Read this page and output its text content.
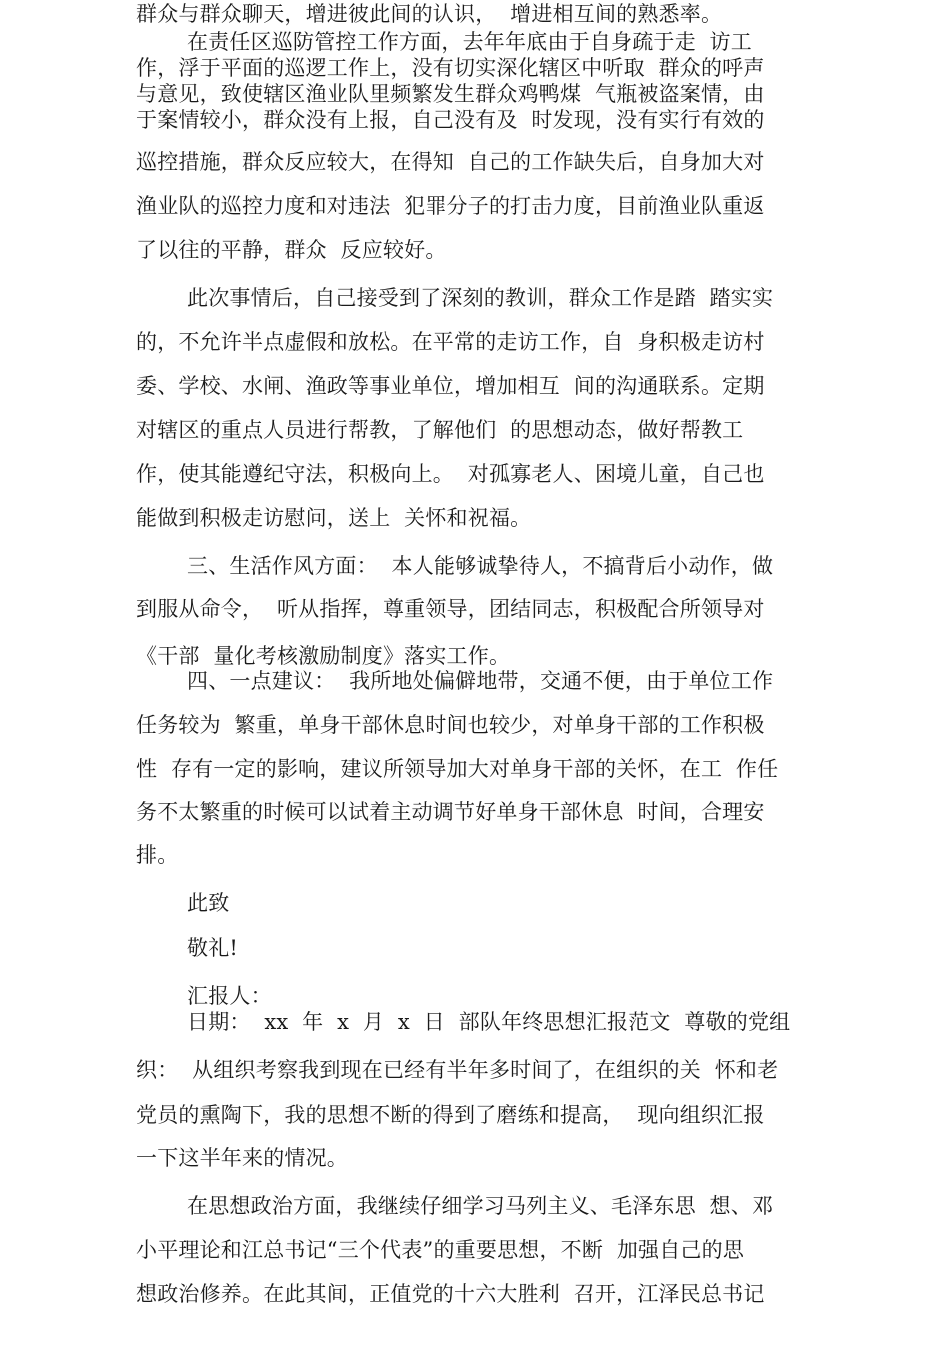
群众与群众聊天，增进彼此间的认识，  增进相互间的熟悉率。
在责任区巡防管控工作方面，去年年底由于自身疏于走  访工
作，浮于平面的巡逻工作上，没有切实深化辖区中听取  群众的呼声
与意见，致使辖区渔业队里频繁发生群众鸡鸭煤  气瓶被盗案情，由
于案情较小，群众没有上报，自己没有及  时发现，没有实行有效的
巡控措施，群众反应较大，在得知  自己的工作缺失后，自身加大对
渔业队的巡控力度和对违法  犯罪分子的打击力度，目前渔业队重返
了以往的平静，群众  反应较好。
此次事情后，自己接受到了深刻的教训，群众工作是踏  踏实实
的，不允许半点虚假和放松。在平常的走访工作，自  身积极走访村
委、学校、水闸、渔政等事业单位，增加相互  间的沟通联系。定期
对辖区的重点人员进行帮教，了解他们  的思想动态，做好帮教工
作，使其能遵纪守法，积极向上。  对孤寡老人、困境儿童，自己也
能做到积极走访慰问，送上  关怀和祝福。
三、生活作风方面：  本人能够诚挚待人，不搞背后小动作，做
到服从命令，  听从指挥，尊重领导，团结同志，积极配合所领导对
《干部  量化考核激励制度》落实工作。
四、一点建议：  我所地处偏僻地带，交通不便，由于单位工作
任务较为  繁重，单身干部休息时间也较少，对单身干部的工作积极
性  存有一定的影响，建议所领导加大对单身干部的关怀，在工  作任
务不太繁重的时候可以试着主动调节好单身干部休息  时间，合理安
排。
此致
敬礼!
汇报人：
日期：  xx  年  x  月  x  日  部队年终思想汇报范文  尊敬的党组
织：  从组织考察我到现在已经有半年多时间了，在组织的关  怀和老
党员的熏陶下，我的思想不断的得到了磨练和提高，  现向组织汇报
一下这半年来的情况。
在思想政治方面，我继续仔细学习马列主义、毛泽东思  想、邓
小平理论和江总书记“三个代表”的重要思想，不断  加强自己的思
想政治修养。在此其间，正值党的十六大胜利  召开，江泽民总书记
